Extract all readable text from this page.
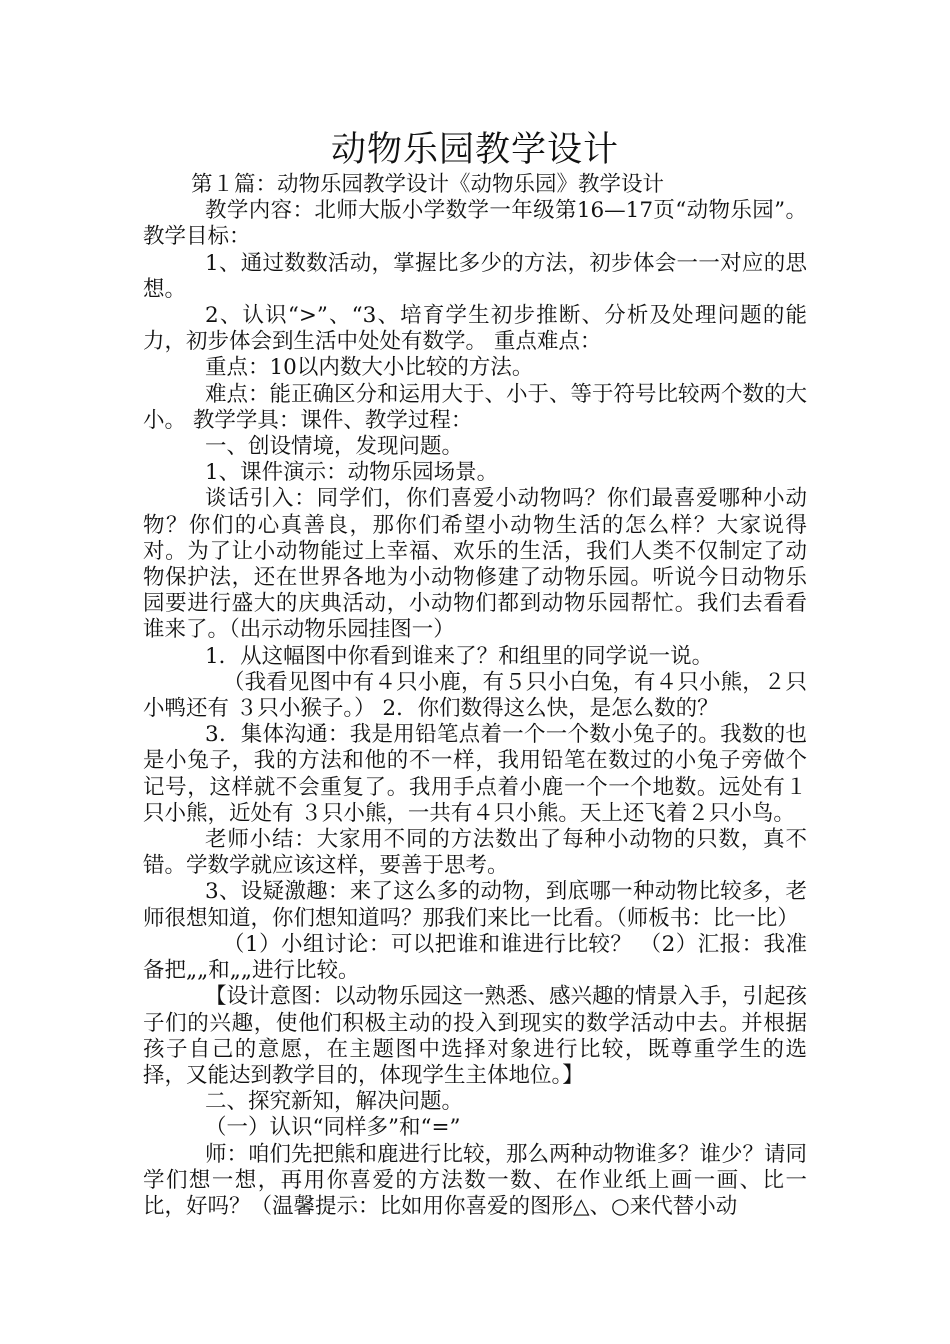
动物乐园教学设计

第１篇：动物乐园教学设计《动物乐园》教学设计

教学内容：北师大版小学数学一年级第16—17页“动物乐园”。 教学目标：

1、通过数数活动，掌握比多少的方法，初步体会一一对应的思想。

2、认识“>”、“3、培育学生初步推断、分析及处理问题的能力，初步体会到生活中处处有数学。 重点难点：

重点：10以内数大小比较的方法。

难点：能正确区分和运用大于、小于、等于符号比较两个数的大小。 教学学具：课件、教学过程：

一、创设情境，发现问题。

1、课件演示：动物乐园场景。

谈话引入：同学们，你们喜爱小动物吗？你们最喜爱哪种小动物？你们的心真善良，那你们希望小动物生活的怎么样？大家说得对。为了让小动物能过上幸福、欢乐的生活，我们人类不仅制定了动物保护法，还在世界各地为小动物修建了动物乐园。听说今日动物乐园要进行盛大的庆典活动，小动物们都到动物乐园帮忙。我们去看看谁来了。（出示动物乐园挂图一）

1．从这幅图中你看到谁来了？和组里的同学说一说。

（我看见图中有４只小鹿，有５只小白兔，有４只小熊，２只小鸭还有 ３只小猴子。） 2．你们数得这么快，是怎么数的？

3．集体沟通：我是用铅笔点着一个一个数小兔子的。我数的也是小兔子，我的方法和他的不一样，我用铅笔在数过的小兔子旁做个记号，这样就不会重复了。我用手点着小鹿一个一个地数。远处有１只小熊，近处有 ３只小熊，一共有４只小熊。天上还飞着２只小鸟。

老师小结：大家用不同的方法数出了每种小动物的只数，真不错。学数学就应该这样，要善于思考。

3、设疑激趣：来了这么多的动物，到底哪一种动物比较多，老师很想知道，你们想知道吗？那我们来比一比看。（师板书：比一比）

（1）小组讨论：可以把谁和谁进行比较？ （2）汇报：我准备把„„和„„进行比较。

【设计意图：以动物乐园这一熟悉、感兴趣的情景入手，引起孩子们的兴趣，使他们积极主动的投入到现实的数学活动中去。并根据孩子自己的意愿，在主题图中选择对象进行比较，既尊重学生的选择，又能达到教学目的，体现学生主体地位。】

二、探究新知，解决问题。

（一）认识“同样多”和“=”

师：咱们先把熊和鹿进行比较，那么两种动物谁多？谁少？请同学们想一想，再用你喜爱的方法数一数、在作业纸上画一画、比一比，好吗？（温馨提示：比如用你喜爱的图形△、○来代替小动
